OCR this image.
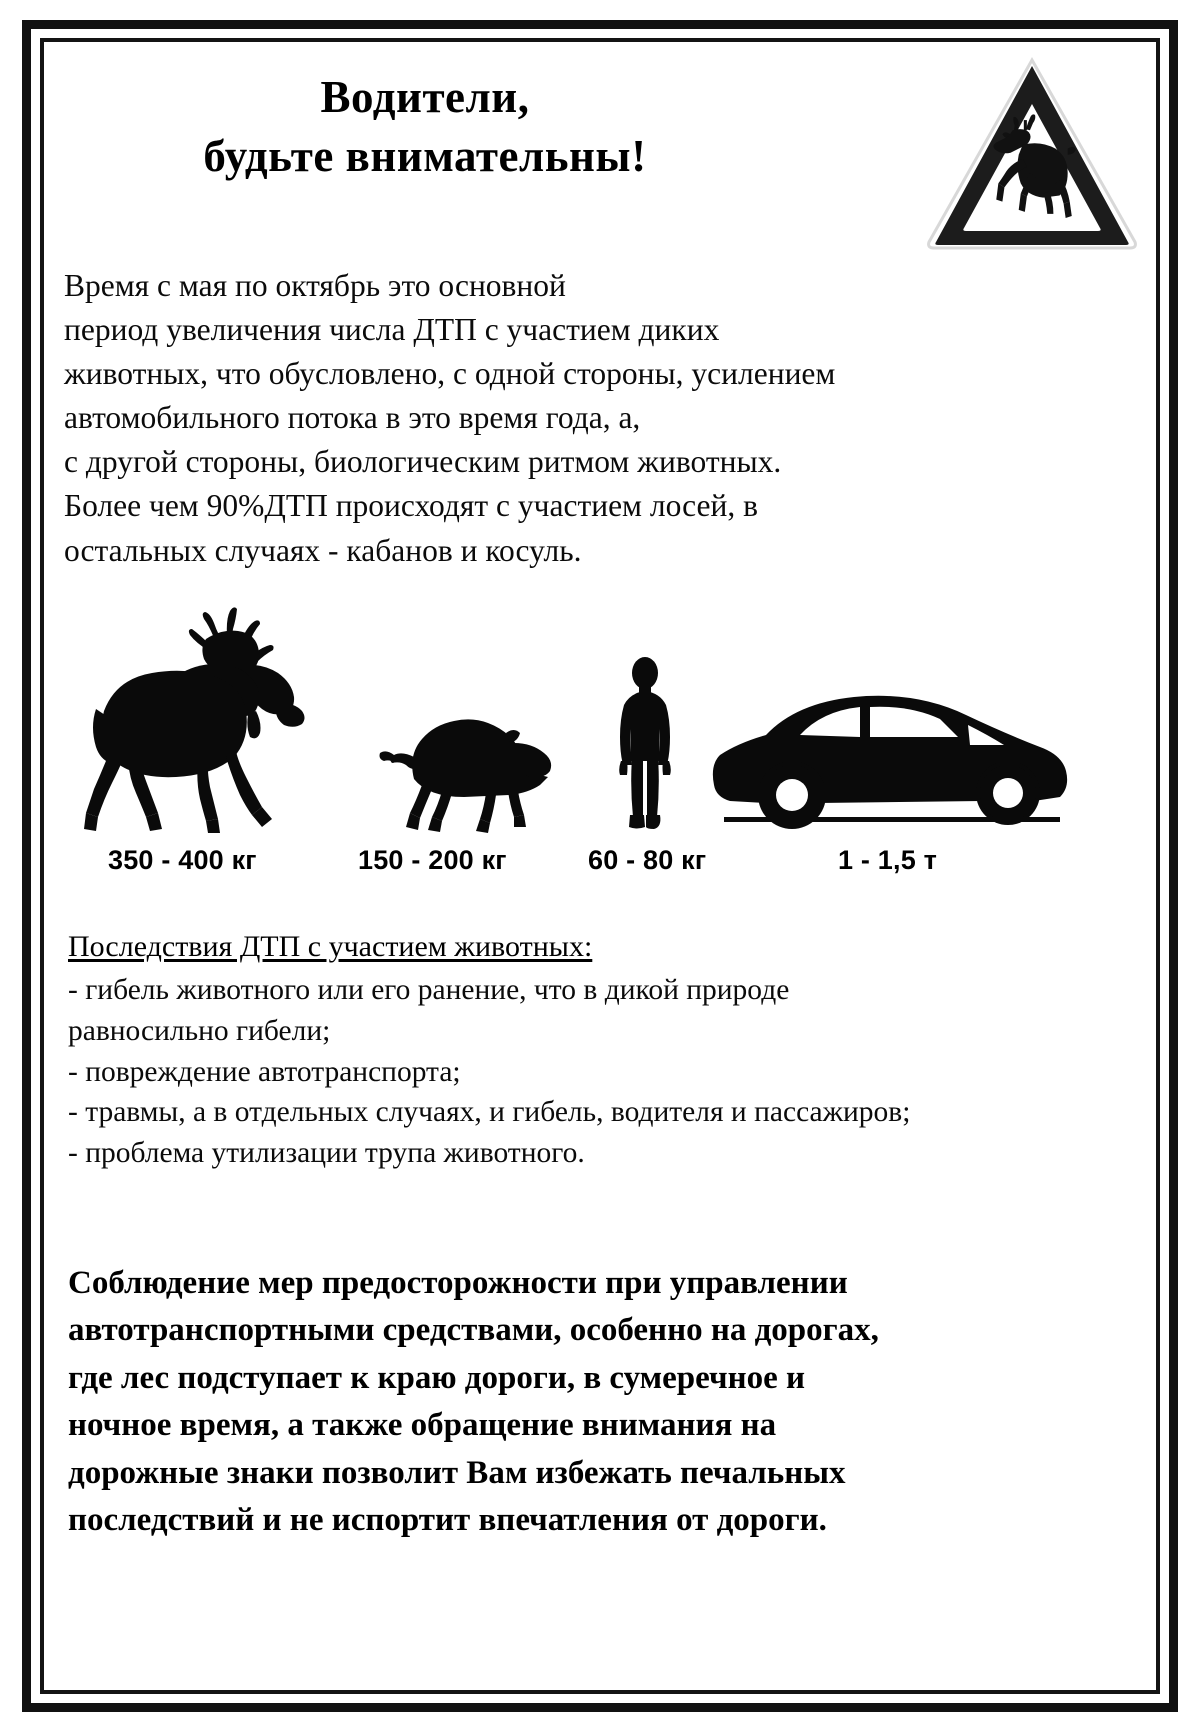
Водители,
будьте внимательны!

Время с мая по октябрь это основной
период увеличения числа ДТП с участием диких
животных, что обусловлено, с одной стороны, усилением
автомобильного потока в это время года, а,
с другой стороны, биологическим ритмом животных.
Более чем 90%ДТП происходят с участием лосей, в
остальных случаях - кабанов и косуль.

350 - 400 кг	150 - 200 кг	60 - 80 кг	1 - 1,5 т
Последствия ДТП с участием животных:
- гибель животного или его ранение, что в дикой природе
равносильно гибели;
- повреждение автотранспорта;
- травмы, а в отдельных случаях, и гибель, водителя и пассажиров;
- проблема утилизации трупа животного.

Соблюдение мер предосторожности при управлении
автотранспортными средствами, особенно на дорогах,
где лес подступает к краю дороги, в сумеречное и
ночное время, а также обращение внимания на
дорожные знаки позволит Вам избежать печальных
последствий и не испортит впечатления от дороги.
